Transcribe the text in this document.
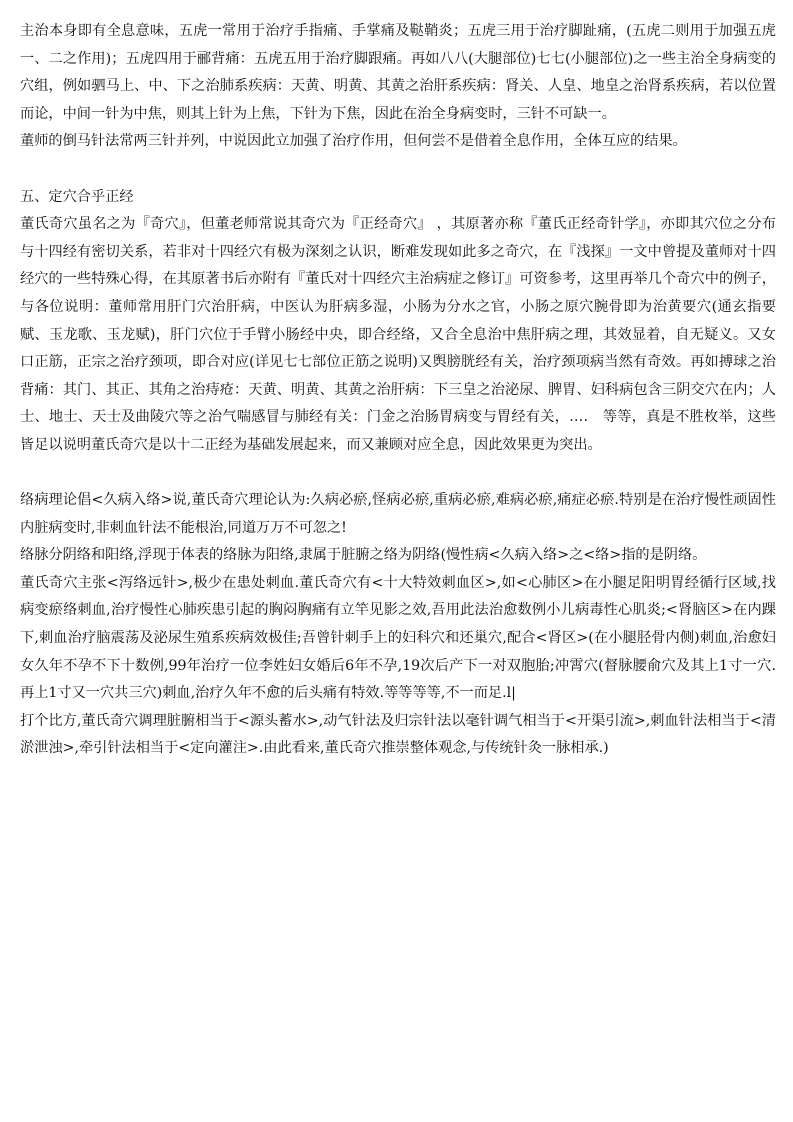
主治本身即有全息意味，五虎一常用于治疗手指痛、手掌痛及鞑鞘炎；五虎三用于治疗脚趾痛，(五虎二则用于加强五虎一、二之作用)；五虎四用于郦背痛：五虎五用于治疗脚跟痛。再如八八(大腿部位)七七(小腿部位)之一些主治全身病变的穴组，例如驷马上、中、下之治肺系疾病：天黄、明黄、其黄之治肝系疾病：肾关、人皇、地皇之治肾系疾病，若以位置而论，中间一针为中焦，则其上针为上焦，下针为下焦，因此在治全身病变时，三针不可缺一。

董师的倒马针法常两三针并列，中说因此立加强了治疗作用，但何尝不是借着全息作用，全体互应的结果。

五、定穴合乎正经

董氏奇穴虽名之为『奇穴』，但董老师常说其奇穴为『正经奇穴』 ，其原著亦称『董氏正经奇针学』，亦即其穴位之分布与十四经有密切关系，若非对十四经穴有极为深刻之认识，断难发现如此多之奇穴，在『浅探』一文中曾提及董师对十四经穴的一些特殊心得，在其原著书后亦附有『董氏对十四经穴主治病症之修订』可资参考，这里再举几个奇穴中的例子，与各位说明：董师常用肝门穴治肝病，中医认为肝病多湿，小肠为分水之官，小肠之原穴腕骨即为治黄要穴(通玄指要赋、玉龙歌、玉龙赋)，肝门穴位于手臂小肠经中央，即合经络，又合全息治中焦肝病之理，其效显着，自无疑义。又女口正筋，正宗之治疗颈项，即合对应(详见七七部位正筋之说明)又舆膀胱经有关，治疗颈项病当然有奇效。再如搏球之治背痛：其门、其正、其角之治痔疮：天黄、明黄、其黄之治肝病：下三皇之治泌尿、脾胃、妇科病包含三阴交穴在内；人士、地士、天士及曲陵穴等之治气喘感冒与肺经有关：门金之治肠胃病变与胃经有关，…． 等等，真是不胜枚举，这些皆足以说明董氏奇穴是以十二正经为基础发展起来，而又兼顾对应全息，因此效果更为突出。

络病理论倡<久病入络>说,董氏奇穴理论认为:久病必瘀,怪病必瘀,重病必瘀,难病必瘀,痛症必瘀.特别是在治疗慢性顽固性内脏病变时,非刺血针法不能根治,同道万万不可忽之!

络脉分阴络和阳络,浮现于体表的络脉为阳络,隶属于脏腑之络为阴络(慢性病<久病入络>之<络>指的是阴络。

董氏奇穴主张<泻络远针>,极少在患处刺血.董氏奇穴有<十大特效刺血区>,如<心肺区>在小腿足阳明胃经循行区域,找病变瘀络刺血,治疗慢性心肺疾患引起的胸闷胸痛有立竿见影之效,吾用此法治愈数例小儿病毒性心肌炎;<肾脑区>在内踝下,刺血治疗脑震荡及泌尿生殖系疾病效极佳;吾曾针刺手上的妇科穴和还巢穴,配合<肾区>(在小腿胫骨内侧)刺血,治愈妇女久年不孕不下十数例,99年治疗一位李姓妇女婚后6年不孕,19次后产下一对双胞胎;冲霄穴(督脉腰俞穴及其上1寸一穴.再上1寸又一穴共三穴)刺血,治疗久年不愈的后头痛有特效.等等等等,不一而足.l|

打个比方,董氏奇穴调理脏腑相当于<源头蓄水>,动气针法及归宗针法以毫针调气相当于<开渠引流>,刺血针法相当于<清淤泄浊>,牵引针法相当于<定向灌注>.由此看来,董氏奇穴推崇整体观念,与传统针灸一脉相承.)
